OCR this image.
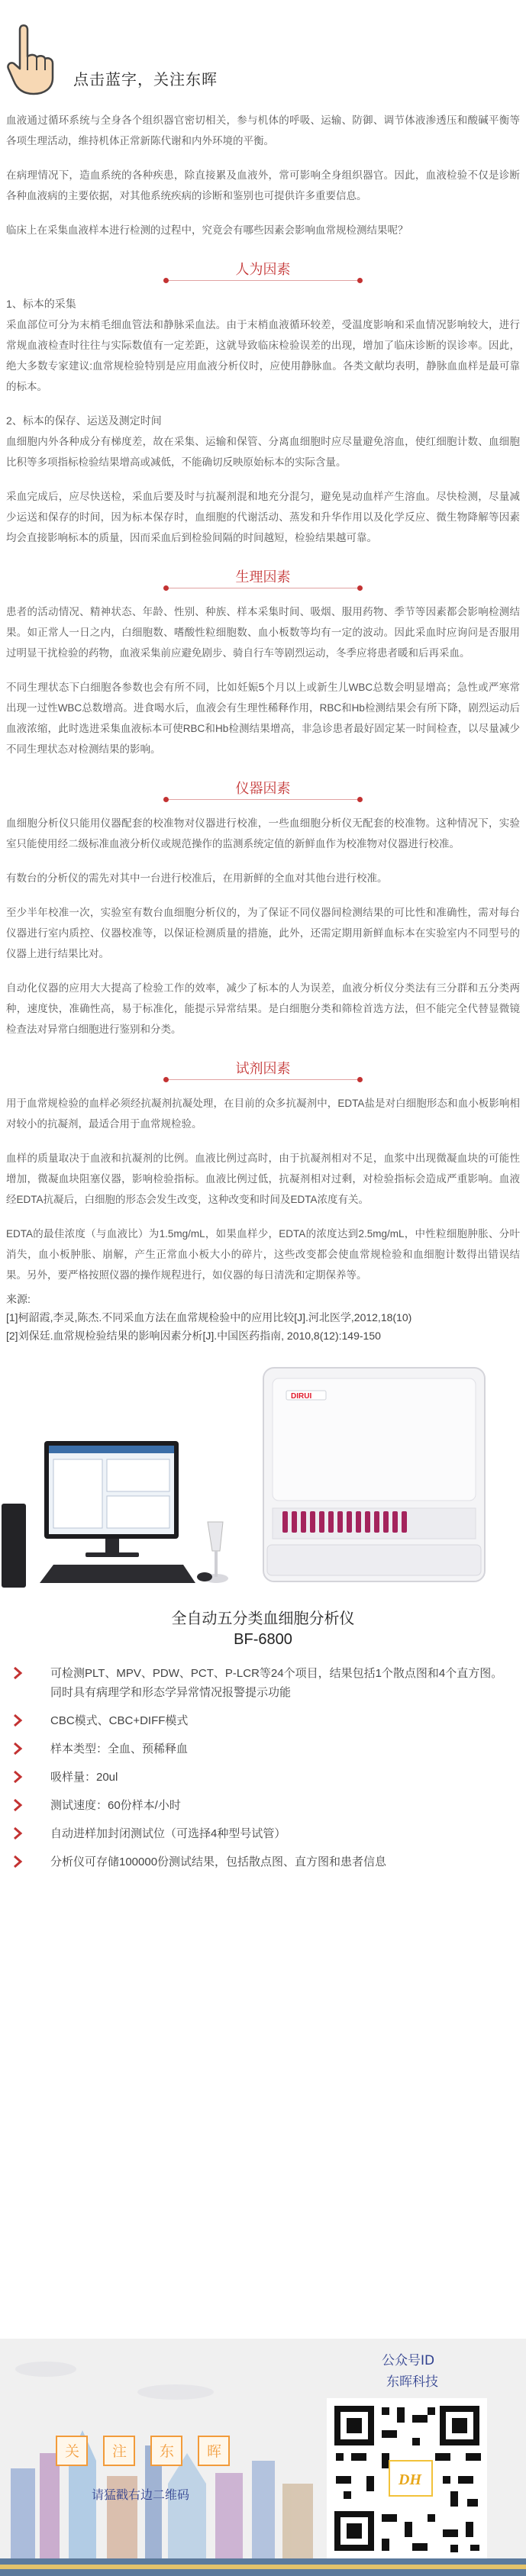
点击蓝字，关注东晖

血液通过循环系统与全身各个组织器官密切相关，参与机体的呼吸、运输、防御、调节体液渗透压和酸碱平衡等各项生理活动，维持机体正常新陈代谢和内外环境的平衡。

在病理情况下，造血系统的各种疾患，除直接累及血液外，常可影响全身组织器官。因此，血液检验不仅是诊断各种血液病的主要依据，对其他系统疾病的诊断和鉴别也可提供许多重要信息。

临床上在采集血液样本进行检测的过程中，究竟会有哪些因素会影响血常规检测结果呢？

人为因素
1、标本的采集

采血部位可分为末梢毛细血管法和静脉采血法。由于末梢血液循环较差，受温度影响和采血情况影响较大，进行常规血液检查时往往与实际数值有一定差距，这就导致临床检验误差的出现，增加了临床诊断的误诊率。因此，绝大多数专家建议:血常规检验特别是应用血液分析仪时，应使用静脉血。各类文献均表明，静脉血血样是最可靠的标本。

2、标本的保存、运送及测定时间

血细胞内外各种成分有梯度差，故在采集、运输和保管、分离血细胞时应尽量避免溶血，使红细胞计数、血细胞比积等多项指标检验结果增高或减低，不能确切反映原始标本的实际含量。

采血完成后，应尽快送检，采血后要及时与抗凝剂混和地充分混匀，避免晃动血样产生溶血。尽快检测，尽量减少运送和保存的时间，因为标本保存时，血细胞的代谢活动、蒸发和升华作用以及化学反应、微生物降解等因素均会直接影响标本的质量，因而采血后到检验间隔的时间越短，检验结果越可靠。

生理因素

患者的活动情况、精神状态、年龄、性别、种族、样本采集时间、吸烟、服用药物、季节等因素都会影响检测结果。如正常人一日之内，白细胞数、嗜酸性粒细胞数、血小板数等均有一定的波动。因此采血时应询问是否服用过明显干扰检验的药物，血液采集前应避免剧步、骑自行车等剧烈运动，冬季应将患者暖和后再采血。

不同生理状态下白细胞各参数也会有所不同，比如妊娠5个月以上或新生儿WBC总数会明显增高；急性或严寒常出现一过性WBC总数增高。进食喝水后，血液会有生理性稀释作用，RBC和Hb检测结果会有所下降，剧烈运动后血液浓缩，此时选进采集血液标本可使RBC和Hb检测结果增高，非急诊患者最好固定某一时间检查，以尽量减少不同生理状态对检测结果的影响。

仪器因素

血细胞分析仪只能用仪器配套的校准物对仪器进行校准，一些血细胞分析仪无配套的校准物。这种情况下，实验室只能使用经二级标准血液分析仪或规范操作的监测系统定值的新鲜血作为校准物对仪器进行校准。

有数台的分析仪的需先对其中一台进行校准后，在用新鲜的全血对其他台进行校准。

至少半年校准一次，实验室有数台血细胞分析仪的，为了保证不同仪器间检测结果的可比性和准确性，需对每台仪器进行室内质控、仪器校准等，以保证检测质量的措施，此外，还需定期用新鲜血标本在实验室内不同型号的仪器上进行结果比对。

自动化仪器的应用大大提高了检验工作的效率，减少了标本的人为误差，血液分析仪分类法有三分群和五分类两种，速度快，准确性高，易于标准化，能提示异常结果。是白细胞分类和筛检首选方法，但不能完全代替显微镜检查法对异常白细胞进行鉴别和分类。

试剂因素

用于血常规检验的血样必须经抗凝剂抗凝处理，在目前的众多抗凝剂中，EDTA盐是对白细胞形态和血小板影响相对较小的抗凝剂，最适合用于血常规检验。

血样的质量取决于血液和抗凝剂的比例。血液比例过高时，由于抗凝剂相对不足，血浆中出现微凝血块的可能性增加，微凝血块阻塞仪器，影响检验指标。血液比例过低，抗凝剂相对过剩，对检验指标会造成严重影响。血液经EDTA抗凝后，白细胞的形态会发生改变，这种改变和时间及EDTA浓度有关。

EDTA的最佳浓度（与血液比）为1.5mg/mL，如果血样少，EDTA的浓度达到2.5mg/mL，中性粒细胞肿胀、分叶消失，血小板肿胀、崩解，产生正常血小板大小的碎片，这些改变都会使血常规检验和血细胞计数得出错误结果。另外，要严格按照仪器的操作规程进行，如仪器的每日清洗和定期保养等。

来源:
[1]柯韶霞,李灵,陈杰.不同采血方法在血常规检验中的应用比较[J].河北医学,2012,18(10)
[2]刘保廷.血常规检验结果的影响因素分析[J].中国医药指南, 2010,8(12):149-150
DIRUI
全自动五分类血细胞分析仪
BF-6800
可检测PLT、MPV、PDW、PCT、P-LCR等24个项目，结果包括1个散点图和4个直方图。同时具有病理学和形态学异常情况报警提示功能
CBC模式、CBC+DIFF模式
样本类型：全血、预稀释血
吸样量：20ul
测试速度：60份样本/小时
自动进样加封闭测试位（可选择4种型号试管）
分析仪可存储100000份测试结果，包括散点图、直方图和患者信息
关 注 东 晖
请猛戳右边二维码
公众号ID
东晖科技
DH
